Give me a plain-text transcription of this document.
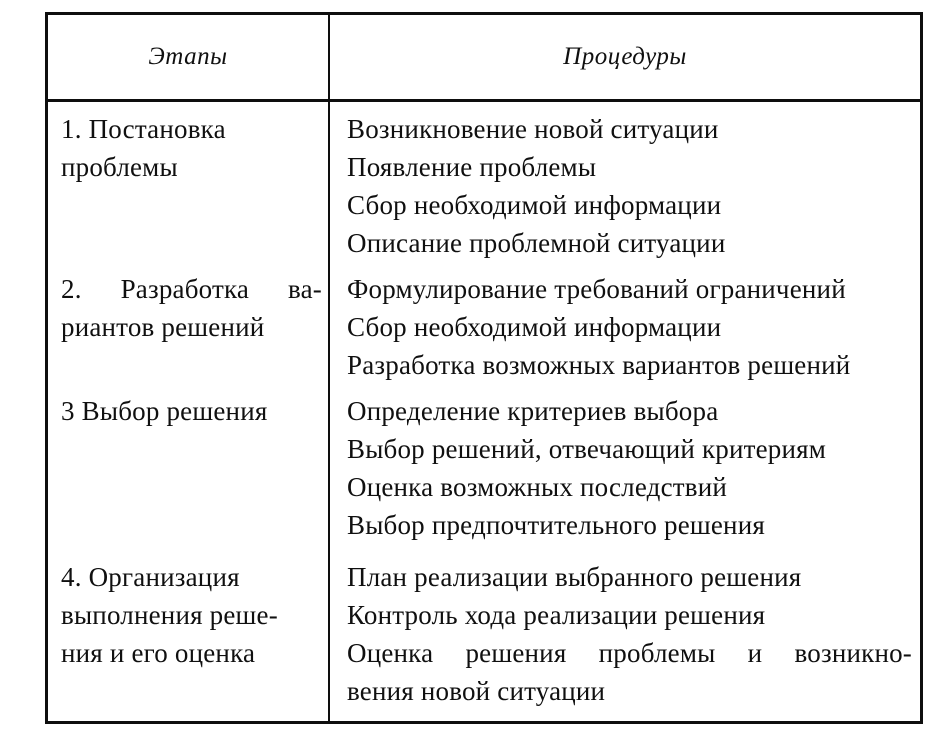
Этапы	Процедуры
1. Постановка
проблемы
Возникновение новой ситуации
Появление проблемы
Сбор необходимой информации
Описание проблемной ситуации
2. Разработка ва-
риантов решений
Формулирование требований ограничений
Сбор необходимой информации
Разработка возможных вариантов решений
3 Выбор решения	Определение критериев выбора
Выбор решений, отвечающий критериям
Оценка возможных последствий
Выбор предпочтительного решения
4. Организация
выполнения реше-
ния и его оценка
План реализации выбранного решения
Контроль хода реализации решения
Оценка решения проблемы и возникно-
вения новой ситуации
